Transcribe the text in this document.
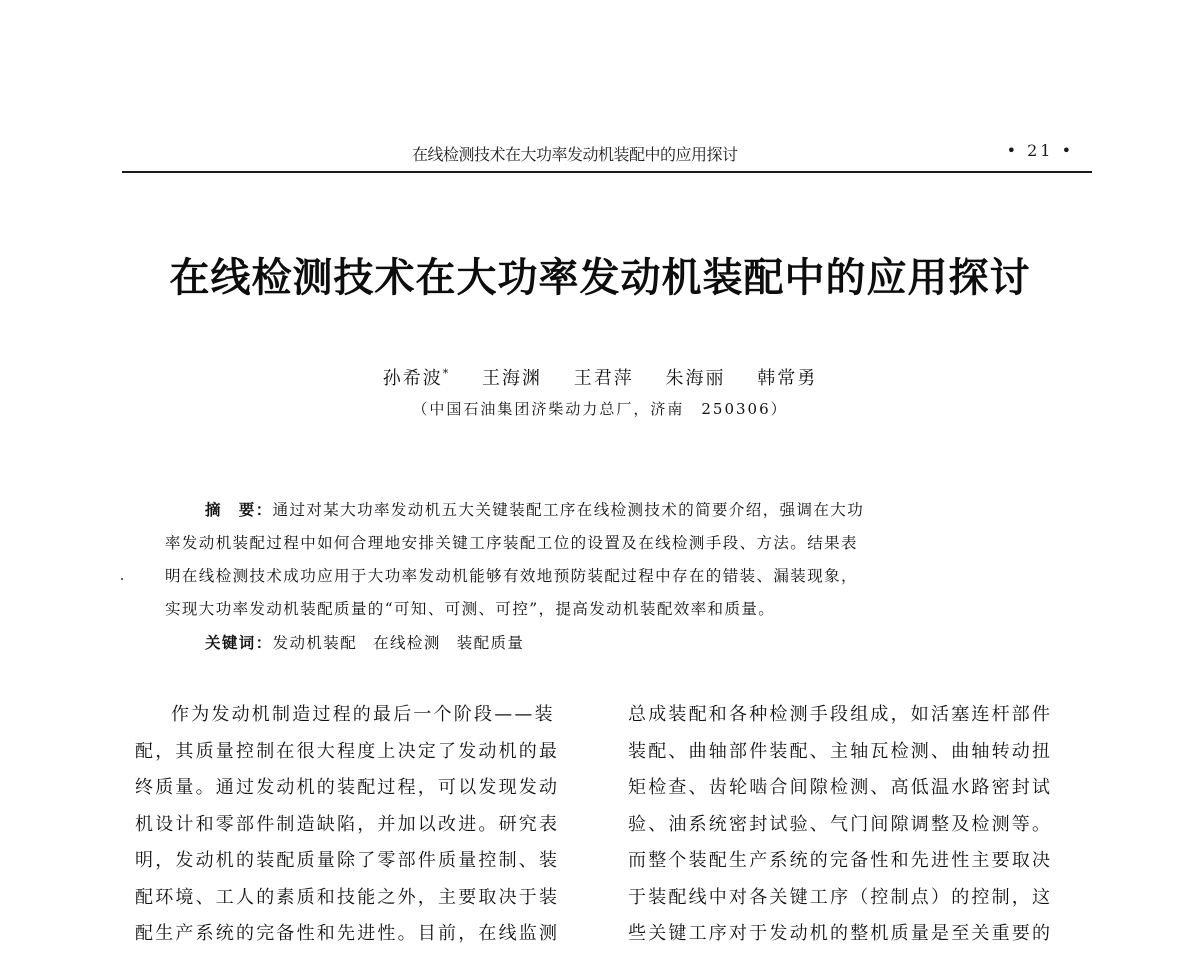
在线检测技术在大功率发动机装配中的应用探讨	• 21 •
在线检测技术在大功率发动机装配中的应用探讨
孙希波* 王海渊 王君萍 朱海丽 韩常勇
（中国石油集团济柴动力总厂，济南　250306）
摘　要：通过对某大功率发动机五大关键装配工序在线检测技术的简要介绍，强调在大功
率发动机装配过程中如何合理地安排关键工序装配工位的设置及在线检测手段、方法。结果表
明在线检测技术成功应用于大功率发动机能够有效地预防装配过程中存在的错装、漏装现象，
实现大功率发动机装配质量的“可知、可测、可控”，提高发动机装配效率和质量。
关键词：发动机装配 在线检测 装配质量
作为发动机制造过程的最后一个阶段——装
配，其质量控制在很大程度上决定了发动机的最
终质量。通过发动机的装配过程，可以发现发动
机设计和零部件制造缺陷，并加以改进。研究表
明，发动机的装配质量除了零部件质量控制、装
配环境、工人的素质和技能之外，主要取决于装
配生产系统的完备性和先进性。目前，在线监测
总成装配和各种检测手段组成，如活塞连杆部件
装配、曲轴部件装配、主轴瓦检测、曲轴转动扭
矩检查、齿轮啮合间隙检测、高低温水路密封试
验、油系统密封试验、气门间隙调整及检测等。
而整个装配生产系统的完备性和先进性主要取决
于装配线中对各关键工序（控制点）的控制，这
些关键工序对于发动机的整机质量是至关重要的
